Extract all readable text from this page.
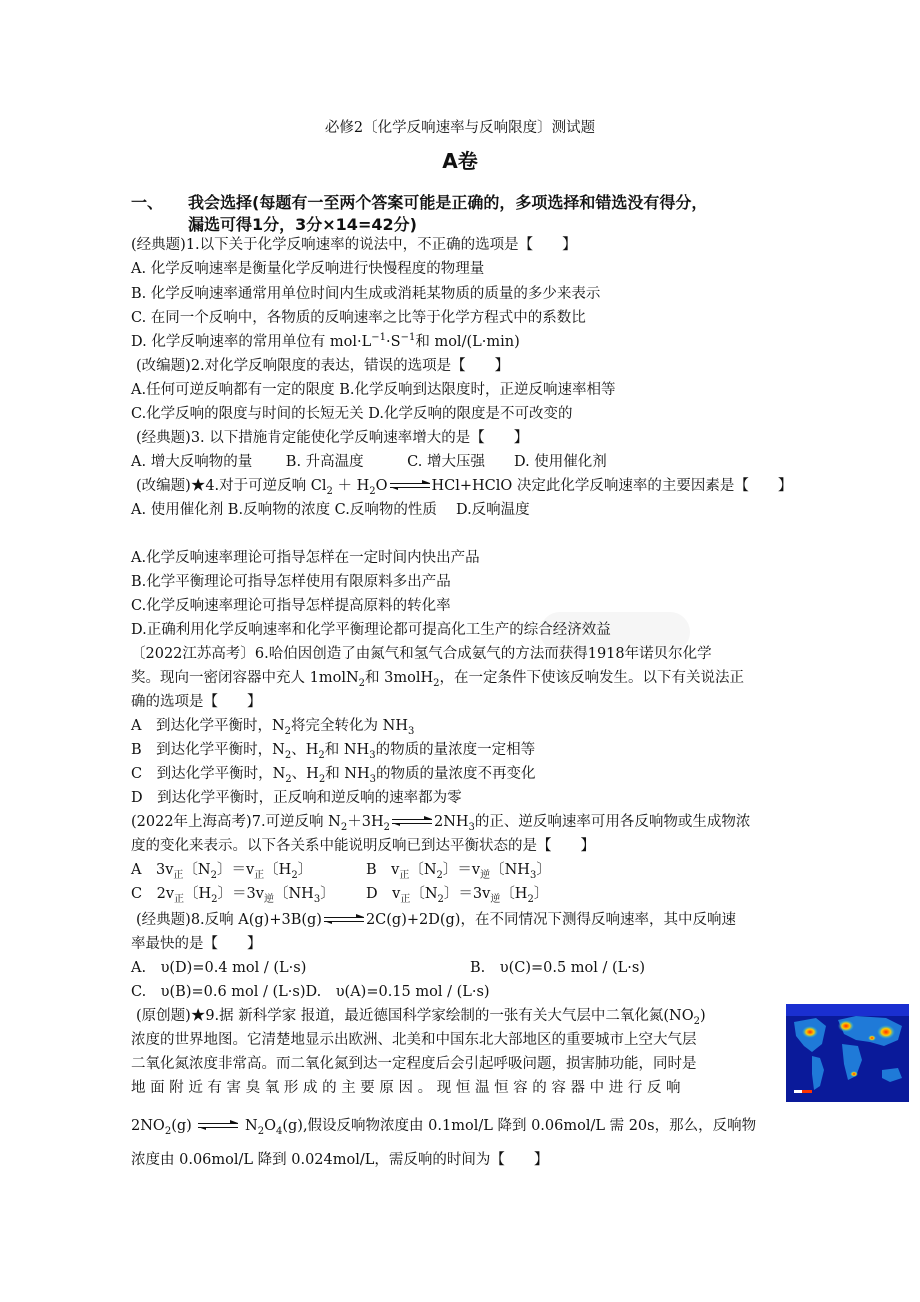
必修2〔化学反响速率与反响限度〕测试题
A卷
一、 我会选择(每题有一至两个答案可能是正确的，多项选择和错选没有得分，
漏选可得1分，3分×14=42分)
(经典题)1.以下关于化学反响速率的说法中，不正确的选项是【　　】
A. 化学反响速率是衡量化学反响进行快慢程度的物理量
B. 化学反响速率通常用单位时间内生成或消耗某物质的质量的多少来表示
C. 在同一个反响中，各物质的反响速率之比等于化学方程式中的系数比
D. 化学反响速率的常用单位有 $mol\cdot L^{-1}\cdot S^{-1}$和 mol/(L·min)
(改编题)2.对化学反响限度的表达，错误的选项是【　　】
A.任何可逆反响都有一定的限度 B.化学反响到达限度时，正逆反响速率相等
C.化学反响的限度与时间的长短无关 D.化学反响的限度是不可改变的
(经典题)3. 以下措施肯定能使化学反响速率增大的是【　　】
A. 增大反响物的量　　 B. 升高温度　　　C. 增大压强　　D. 使用催化剂
(改编题)★4.对于可逆反响 $Cl_2 + H_2O$ ⇌ HCl+HClO 决定此化学反响速率的主要因素是【　　】
A. 使用催化剂 B.反响物的浓度 C.反响物的性质　 D.反响温度
A.化学反响速率理论可指导怎样在一定时间内快出产品
B.化学平衡理论可指导怎样使用有限原料多出产品
C.化学反响速率理论可指导怎样提高原料的转化率
D.正确利用化学反响速率和化学平衡理论都可提高化工生产的综合经济效益
〔2022江苏高考〕6.哈伯因创造了由氮气和氢气合成氨气的方法而获得1918年诺贝尔化学
奖。现向一密闭容器中充人 1molN$_2$和 3molH$_2$，在一定条件下使该反响发生。以下有关说法正
确的选项是【　　】
A　到达化学平衡时，$N_2$将完全转化为 $NH_3$
B　到达化学平衡时，$N_2$、$H_2$和 $NH_3$的物质的量浓度一定相等
C　到达化学平衡时，$N_2$、$H_2$和 $NH_3$的物质的量浓度不再变化
D　到达化学平衡时，正反响和逆反响的速率都为零
(2022年上海高考)7.可逆反响 $N_2+3H_2$ ⇌ $2NH_3$的正、逆反响速率可用各反响物或生成物浓
度的变化来表示。以下各关系中能说明反响已到达平衡状态的是【　　】
A　$3v_正$〔$N_2$〕$=v_正$〔$H_2$〕	B　$v_正$〔$N_2$〕$=v_逆$〔$NH_3$〕
C　$2v_正$〔$H_2$〕$=3v_逆$〔$NH_3$〕 D　$v_正$〔$N_2$〕$=3v_逆$〔$H_2$〕
(经典题)8.反响 A(g)+3B(g) ⇌ 2C(g)+2D(g)，在不同情况下测得反响速率，其中反响速
率最快的是【　　】
A.　υ(D)=0.4 mol / (L·s)	B.　υ(C)=0.5 mol / (L·s)
C.　υ(B)=0.6 mol / (L·s)D.　υ(A)=0.15 mol / (L·s)
(原创题)★9.据 新科学家 报道，最近德国科学家绘制的一张有关大气层中二氧化氮$(NO_2)$
浓度的世界地图。它清楚地显示出欧洲、北美和中国东北大部地区的重要城市上空大气层
二氧化氮浓度非常高。而二氧化氮到达一定程度后会引起呼吸问题，损害肺功能，同时是
地 面 附 近 有 害 臭 氧 形 成 的 主 要 原 因 。 现 恒 温 恒 容 的 容 器 中 进 行 反 响
$2NO_2(g)$ ⇌ $N_2O_4(g)$,假设反响物浓度由 0.1mol/L 降到 0.06mol/L 需 20s，那么，反响物
浓度由 0.06mol/L 降到 0.024mol/L，需反响的时间为【　　】
